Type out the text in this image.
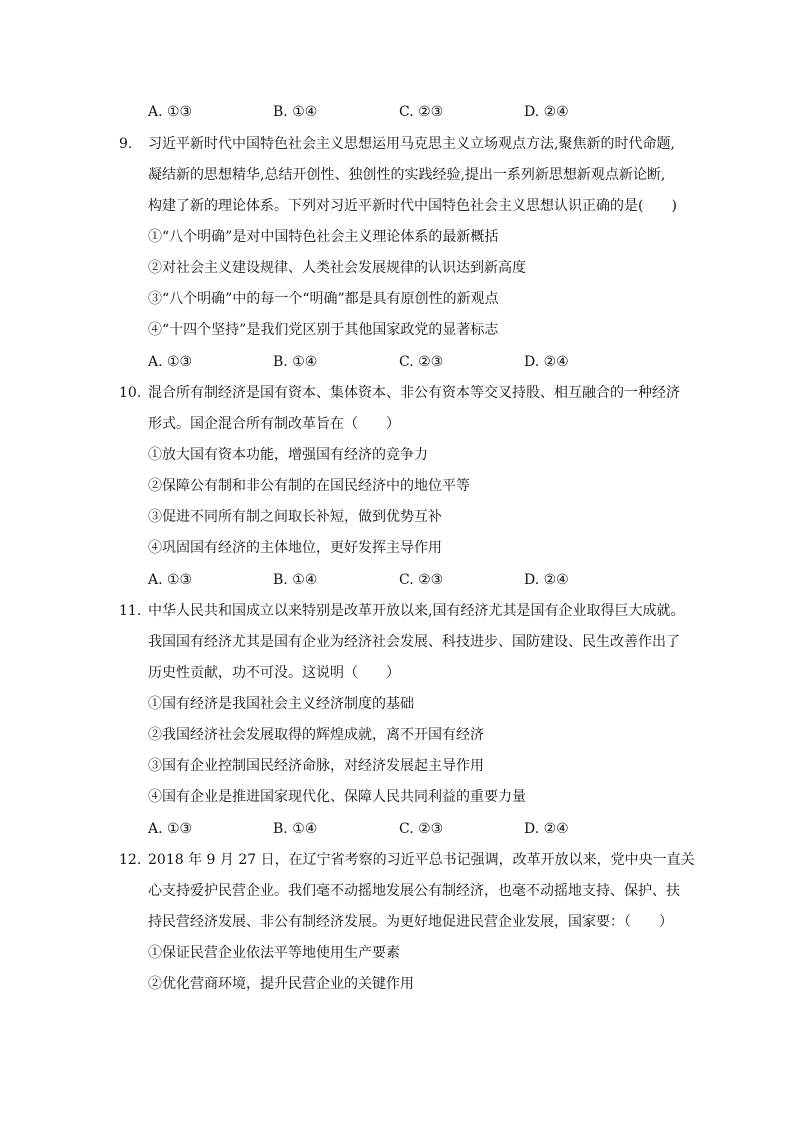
A. ①③	B. ①④	C. ②③	D. ②④
9. 习近平新时代中国特色社会主义思想运用马克思主义立场观点方法,聚焦新的时代命题,
凝结新的思想精华,总结开创性、独创性的实践经验,提出一系列新思想新观点新论断,
构建了新的理论体系。下列对习近平新时代中国特色社会主义思想认识正确的是(　　)
①“八个明确”是对中国特色社会主义理论体系的最新概括
②对社会主义建设规律、人类社会发展规律的认识达到新高度
③“八个明确”中的每一个“明确”都是具有原创性的新观点
④“十四个坚持”是我们党区别于其他国家政党的显著标志
A. ①③	B. ①④	C. ②③	D. ②④
10. 混合所有制经济是国有资本、集体资本、非公有资本等交叉持股、相互融合的一种经济
形式。国企混合所有制改革旨在（　　）
①放大国有资本功能，增强国有经济的竞争力
②保障公有制和非公有制的在国民经济中的地位平等
③促进不同所有制之间取长补短，做到优势互补
④巩固国有经济的主体地位，更好发挥主导作用
A. ①③	B. ①④	C. ②③	D. ②④
11. 中华人民共和国成立以来特别是改革开放以来,国有经济尤其是国有企业取得巨大成就。
我国国有经济尤其是国有企业为经济社会发展、科技进步、国防建设、民生改善作出了
历史性贡献，功不可没。这说明（　　）
①国有经济是我国社会主义经济制度的基础
②我国经济社会发展取得的辉煌成就，离不开国有经济
③国有企业控制国民经济命脉，对经济发展起主导作用
④国有企业是推进国家现代化、保障人民共同利益的重要力量
A. ①③	B. ①④	C. ②③	D. ②④
12. 2018 年 9 月 27 日，在辽宁省考察的习近平总书记强调，改革开放以来，党中央一直关
心支持爱护民营企业。我们毫不动摇地发展公有制经济，也毫不动摇地支持、保护、扶
持民营经济发展、非公有制经济发展。为更好地促进民营企业发展，国家要：（　　）
①保证民营企业依法平等地使用生产要素
②优化营商环境，提升民营企业的关键作用
